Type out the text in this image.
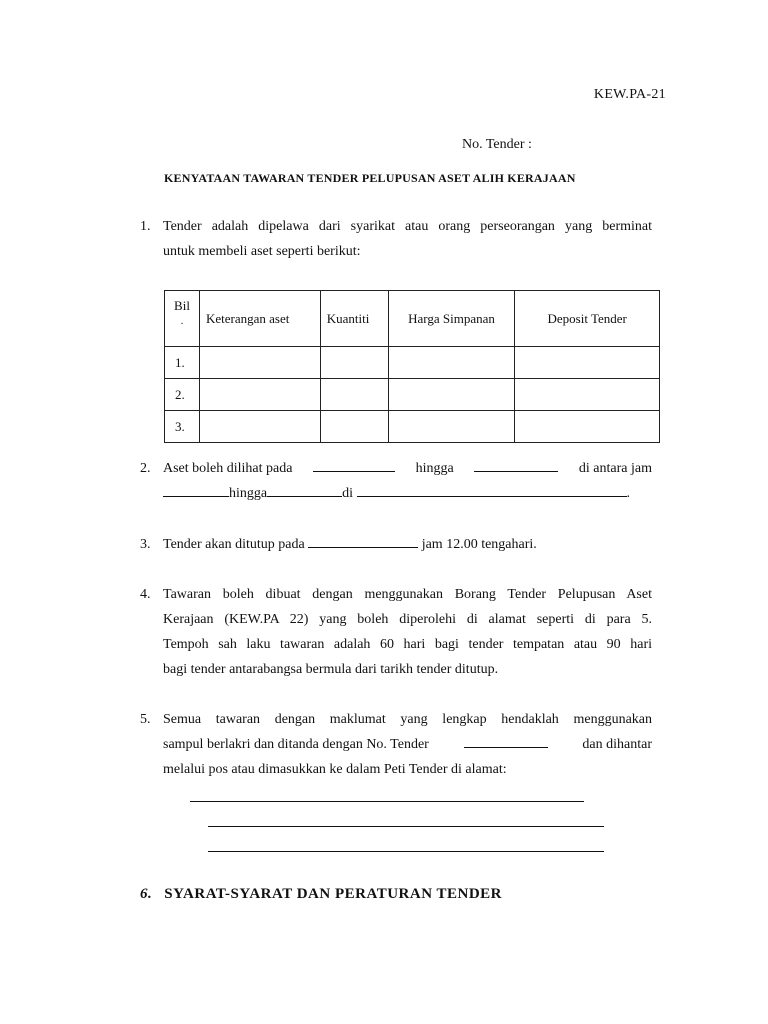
KEW.PA-21
No. Tender :
KENYATAAN TAWARAN TENDER PELUPUSAN ASET ALIH KERAJAAN
1. Tender adalah dipelawa dari syarikat atau orang perseorangan yang berminat
untuk membeli aset seperti berikut:
Bil
.	Keterangan aset	Kuantiti	Harga Simpanan	Deposit Tender
1.				
2.				
3.				
2. Aset boleh dilihat pada	hingga	di antara jam
hingga	di	.
3. Tender akan ditutup pada	jam 12.00 tengahari.
4. Tawaran boleh dibuat dengan menggunakan Borang Tender Pelupusan Aset
Kerajaan (KEW.PA 22) yang boleh diperolehi di alamat seperti di para 5.
Tempoh sah laku tawaran adalah 60 hari bagi tender tempatan atau 90 hari
bagi tender antarabangsa bermula dari tarikh tender ditutup.
5. Semua tawaran dengan maklumat yang lengkap hendaklah menggunakan
sampul berlakri dan ditanda dengan No. Tender	dan dihantar
melalui pos atau dimasukkan ke dalam Peti Tender di alamat:
6. SYARAT-SYARAT DAN PERATURAN TENDER
